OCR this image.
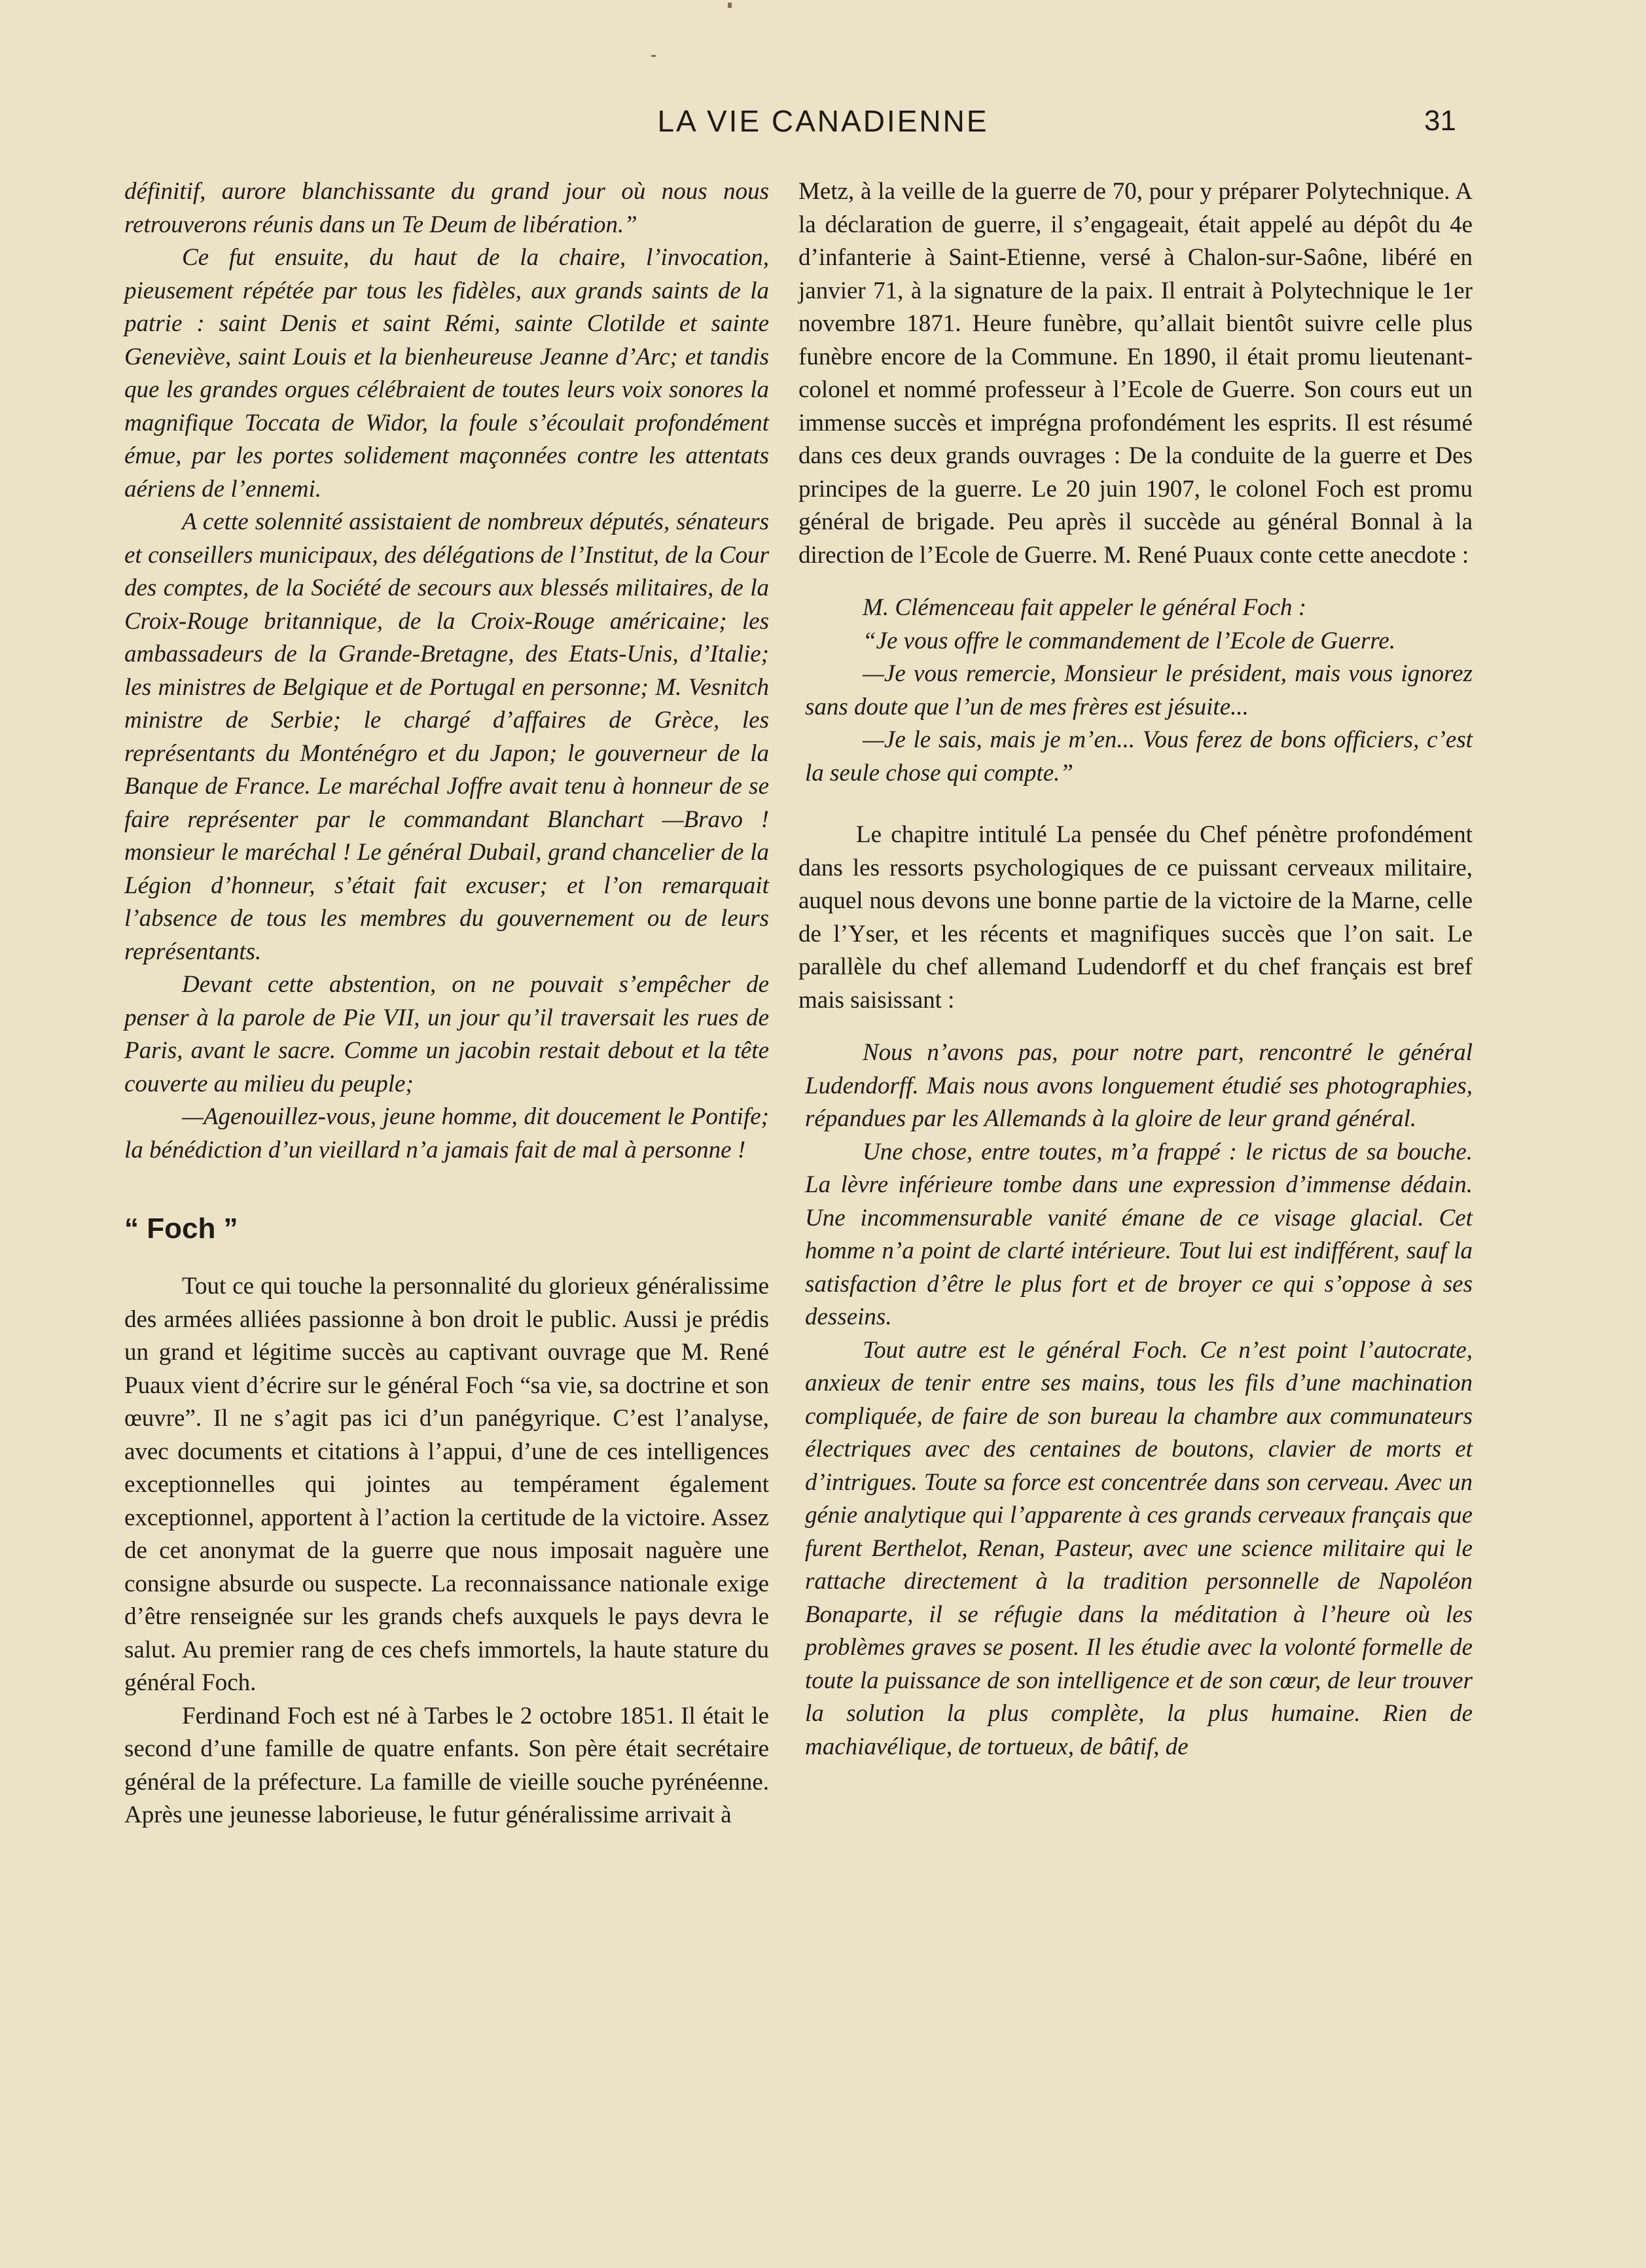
LA VIE CANADIENNE	31

définitif, aurore blanchissante du grand jour où nous nous retrouverons réunis dans un Te Deum de libération.”

Ce fut ensuite, du haut de la chaire, l’invocation, pieusement répétée par tous les fidèles, aux grands saints de la patrie : saint Denis et saint Rémi, sainte Clotilde et sainte Geneviève, saint Louis et la bienheureuse Jeanne d’Arc; et tandis que les grandes orgues célébraient de toutes leurs voix sonores la magnifique Toccata de Widor, la foule s’écoulait profondément émue, par les portes solidement maçonnées contre les attentats aériens de l’ennemi.

A cette solennité assistaient de nombreux députés, sénateurs et conseillers municipaux, des délégations de l’Institut, de la Cour des comptes, de la Société de secours aux blessés militaires, de la Croix-Rouge britannique, de la Croix-Rouge américaine; les ambassadeurs de la Grande-Bretagne, des Etats-Unis, d’Italie; les ministres de Belgique et de Portugal en personne; M. Vesnitch ministre de Serbie; le chargé d’affaires de Grèce, les représentants du Monténégro et du Japon; le gouverneur de la Banque de France. Le maréchal Joffre avait tenu à honneur de se faire représenter par le commandant Blanchart —Bravo ! monsieur le maréchal ! Le général Dubail, grand chancelier de la Légion d’honneur, s’était fait excuser; et l’on remarquait l’absence de tous les membres du gouvernement ou de leurs représentants.

Devant cette abstention, on ne pouvait s’empêcher de penser à la parole de Pie VII, un jour qu’il traversait les rues de Paris, avant le sacre. Comme un jacobin restait debout et la tête couverte au milieu du peuple;

—Agenouillez-vous, jeune homme, dit doucement le Pontife; la bénédiction d’un vieillard n’a jamais fait de mal à personne !

“ Foch ”

Tout ce qui touche la personnalité du glorieux généralissime des armées alliées passionne à bon droit le public. Aussi je prédis un grand et légitime succès au captivant ouvrage que M. René Puaux vient d’écrire sur le général Foch “sa vie, sa doctrine et son œuvre”. Il ne s’agit pas ici d’un panégyrique. C’est l’analyse, avec documents et citations à l’appui, d’une de ces intelligences exceptionnelles qui jointes au tempérament également exceptionnel, apportent à l’action la certitude de la victoire. Assez de cet anonymat de la guerre que nous imposait naguère une consigne absurde ou suspecte. La reconnaissance nationale exige d’être renseignée sur les grands chefs auxquels le pays devra le salut. Au premier rang de ces chefs immortels, la haute stature du général Foch.

Ferdinand Foch est né à Tarbes le 2 octobre 1851. Il était le second d’une famille de quatre enfants. Son père était secrétaire général de la préfecture. La famille de vieille souche pyrénéenne. Après une jeunesse laborieuse, le futur généralissime arrivait à

Metz, à la veille de la guerre de 70, pour y préparer Polytechnique. A la déclaration de guerre, il s’engageait, était appelé au dépôt du 4e d’infanterie à Saint-Etienne, versé à Chalon-sur-Saône, libéré en janvier 71, à la signature de la paix. Il entrait à Polytechnique le 1er novembre 1871. Heure funèbre, qu’allait bientôt suivre celle plus funèbre encore de la Commune. En 1890, il était promu lieutenant-colonel et nommé professeur à l’Ecole de Guerre. Son cours eut un immense succès et imprégna profondément les esprits. Il est résumé dans ces deux grands ouvrages : De la conduite de la guerre et Des principes de la guerre. Le 20 juin 1907, le colonel Foch est promu général de brigade. Peu après il succède au général Bonnal à la direction de l’Ecole de Guerre. M. René Puaux conte cette anecdote :

M. Clémenceau fait appeler le général Foch :

“Je vous offre le commandement de l’Ecole de Guerre.

—Je vous remercie, Monsieur le président, mais vous ignorez sans doute que l’un de mes frères est jésuite...

—Je le sais, mais je m’en... Vous ferez de bons officiers, c’est la seule chose qui compte.”

Le chapitre intitulé La pensée du Chef pénètre profondément dans les ressorts psychologiques de ce puissant cerveaux militaire, auquel nous devons une bonne partie de la victoire de la Marne, celle de l’Yser, et les récents et magnifiques succès que l’on sait. Le parallèle du chef allemand Ludendorff et du chef français est bref mais saisissant :

Nous n’avons pas, pour notre part, rencontré le général Ludendorff. Mais nous avons longuement étudié ses photographies, répandues par les Allemands à la gloire de leur grand général.

Une chose, entre toutes, m’a frappé : le rictus de sa bouche. La lèvre inférieure tombe dans une expression d’immense dédain. Une incommensurable vanité émane de ce visage glacial. Cet homme n’a point de clarté intérieure. Tout lui est indifférent, sauf la satisfaction d’être le plus fort et de broyer ce qui s’oppose à ses desseins.

Tout autre est le général Foch. Ce n’est point l’autocrate, anxieux de tenir entre ses mains, tous les fils d’une machination compliquée, de faire de son bureau la chambre aux communateurs électriques avec des centaines de boutons, clavier de morts et d’intrigues. Toute sa force est concentrée dans son cerveau. Avec un génie analytique qui l’apparente à ces grands cerveaux français que furent Berthelot, Renan, Pasteur, avec une science militaire qui le rattache directement à la tradition personnelle de Napoléon Bonaparte, il se réfugie dans la méditation à l’heure où les problèmes graves se posent. Il les étudie avec la volonté formelle de toute la puissance de son intelligence et de son cœur, de leur trouver la solution la plus complète, la plus humaine. Rien de machiavélique, de tortueux, de bâtif, de
